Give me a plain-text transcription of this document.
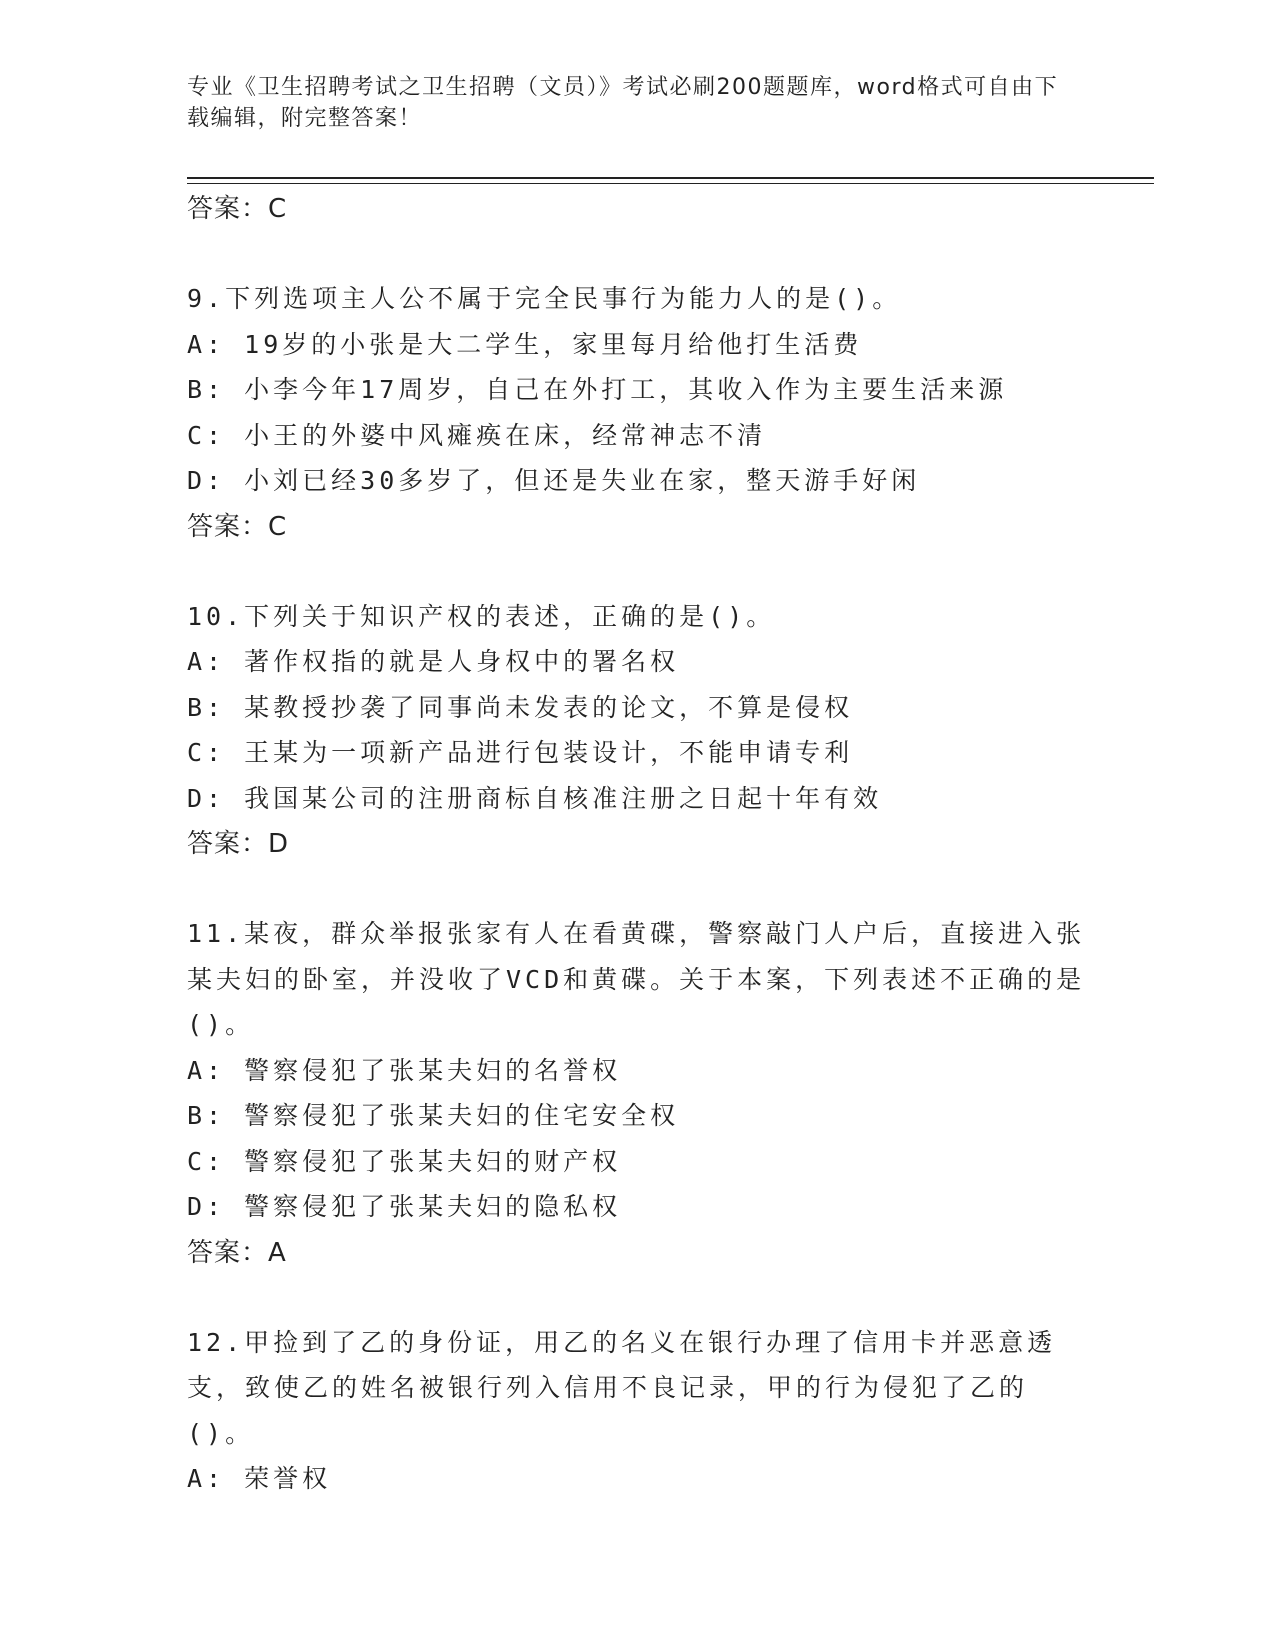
专业《卫生招聘考试之卫生招聘（文员）》考试必刷200题题库，word格式可自由下载编辑，附完整答案！
答案：C
9.下列选项主人公不属于完全民事行为能力人的是()。
A: 19岁的小张是大二学生，家里每月给他打生活费
B: 小李今年17周岁，自己在外打工，其收入作为主要生活来源
C: 小王的外婆中风瘫痪在床，经常神志不清
D: 小刘已经30多岁了，但还是失业在家，整天游手好闲
答案：C
10.下列关于知识产权的表述，正确的是()。
A: 著作权指的就是人身权中的署名权
B: 某教授抄袭了同事尚未发表的论文，不算是侵权
C: 王某为一项新产品进行包装设计，不能申请专利
D: 我国某公司的注册商标自核准注册之日起十年有效
答案：D
11.某夜，群众举报张家有人在看黄碟，警察敲门人户后，直接进入张某夫妇的卧室，并没收了VCD和黄碟。关于本案，下列表述不正确的是()。
A: 警察侵犯了张某夫妇的名誉权
B: 警察侵犯了张某夫妇的住宅安全权
C: 警察侵犯了张某夫妇的财产权
D: 警察侵犯了张某夫妇的隐私权
答案：A
12.甲捡到了乙的身份证，用乙的名义在银行办理了信用卡并恶意透支，致使乙的姓名被银行列入信用不良记录，甲的行为侵犯了乙的()。
A: 荣誉权
